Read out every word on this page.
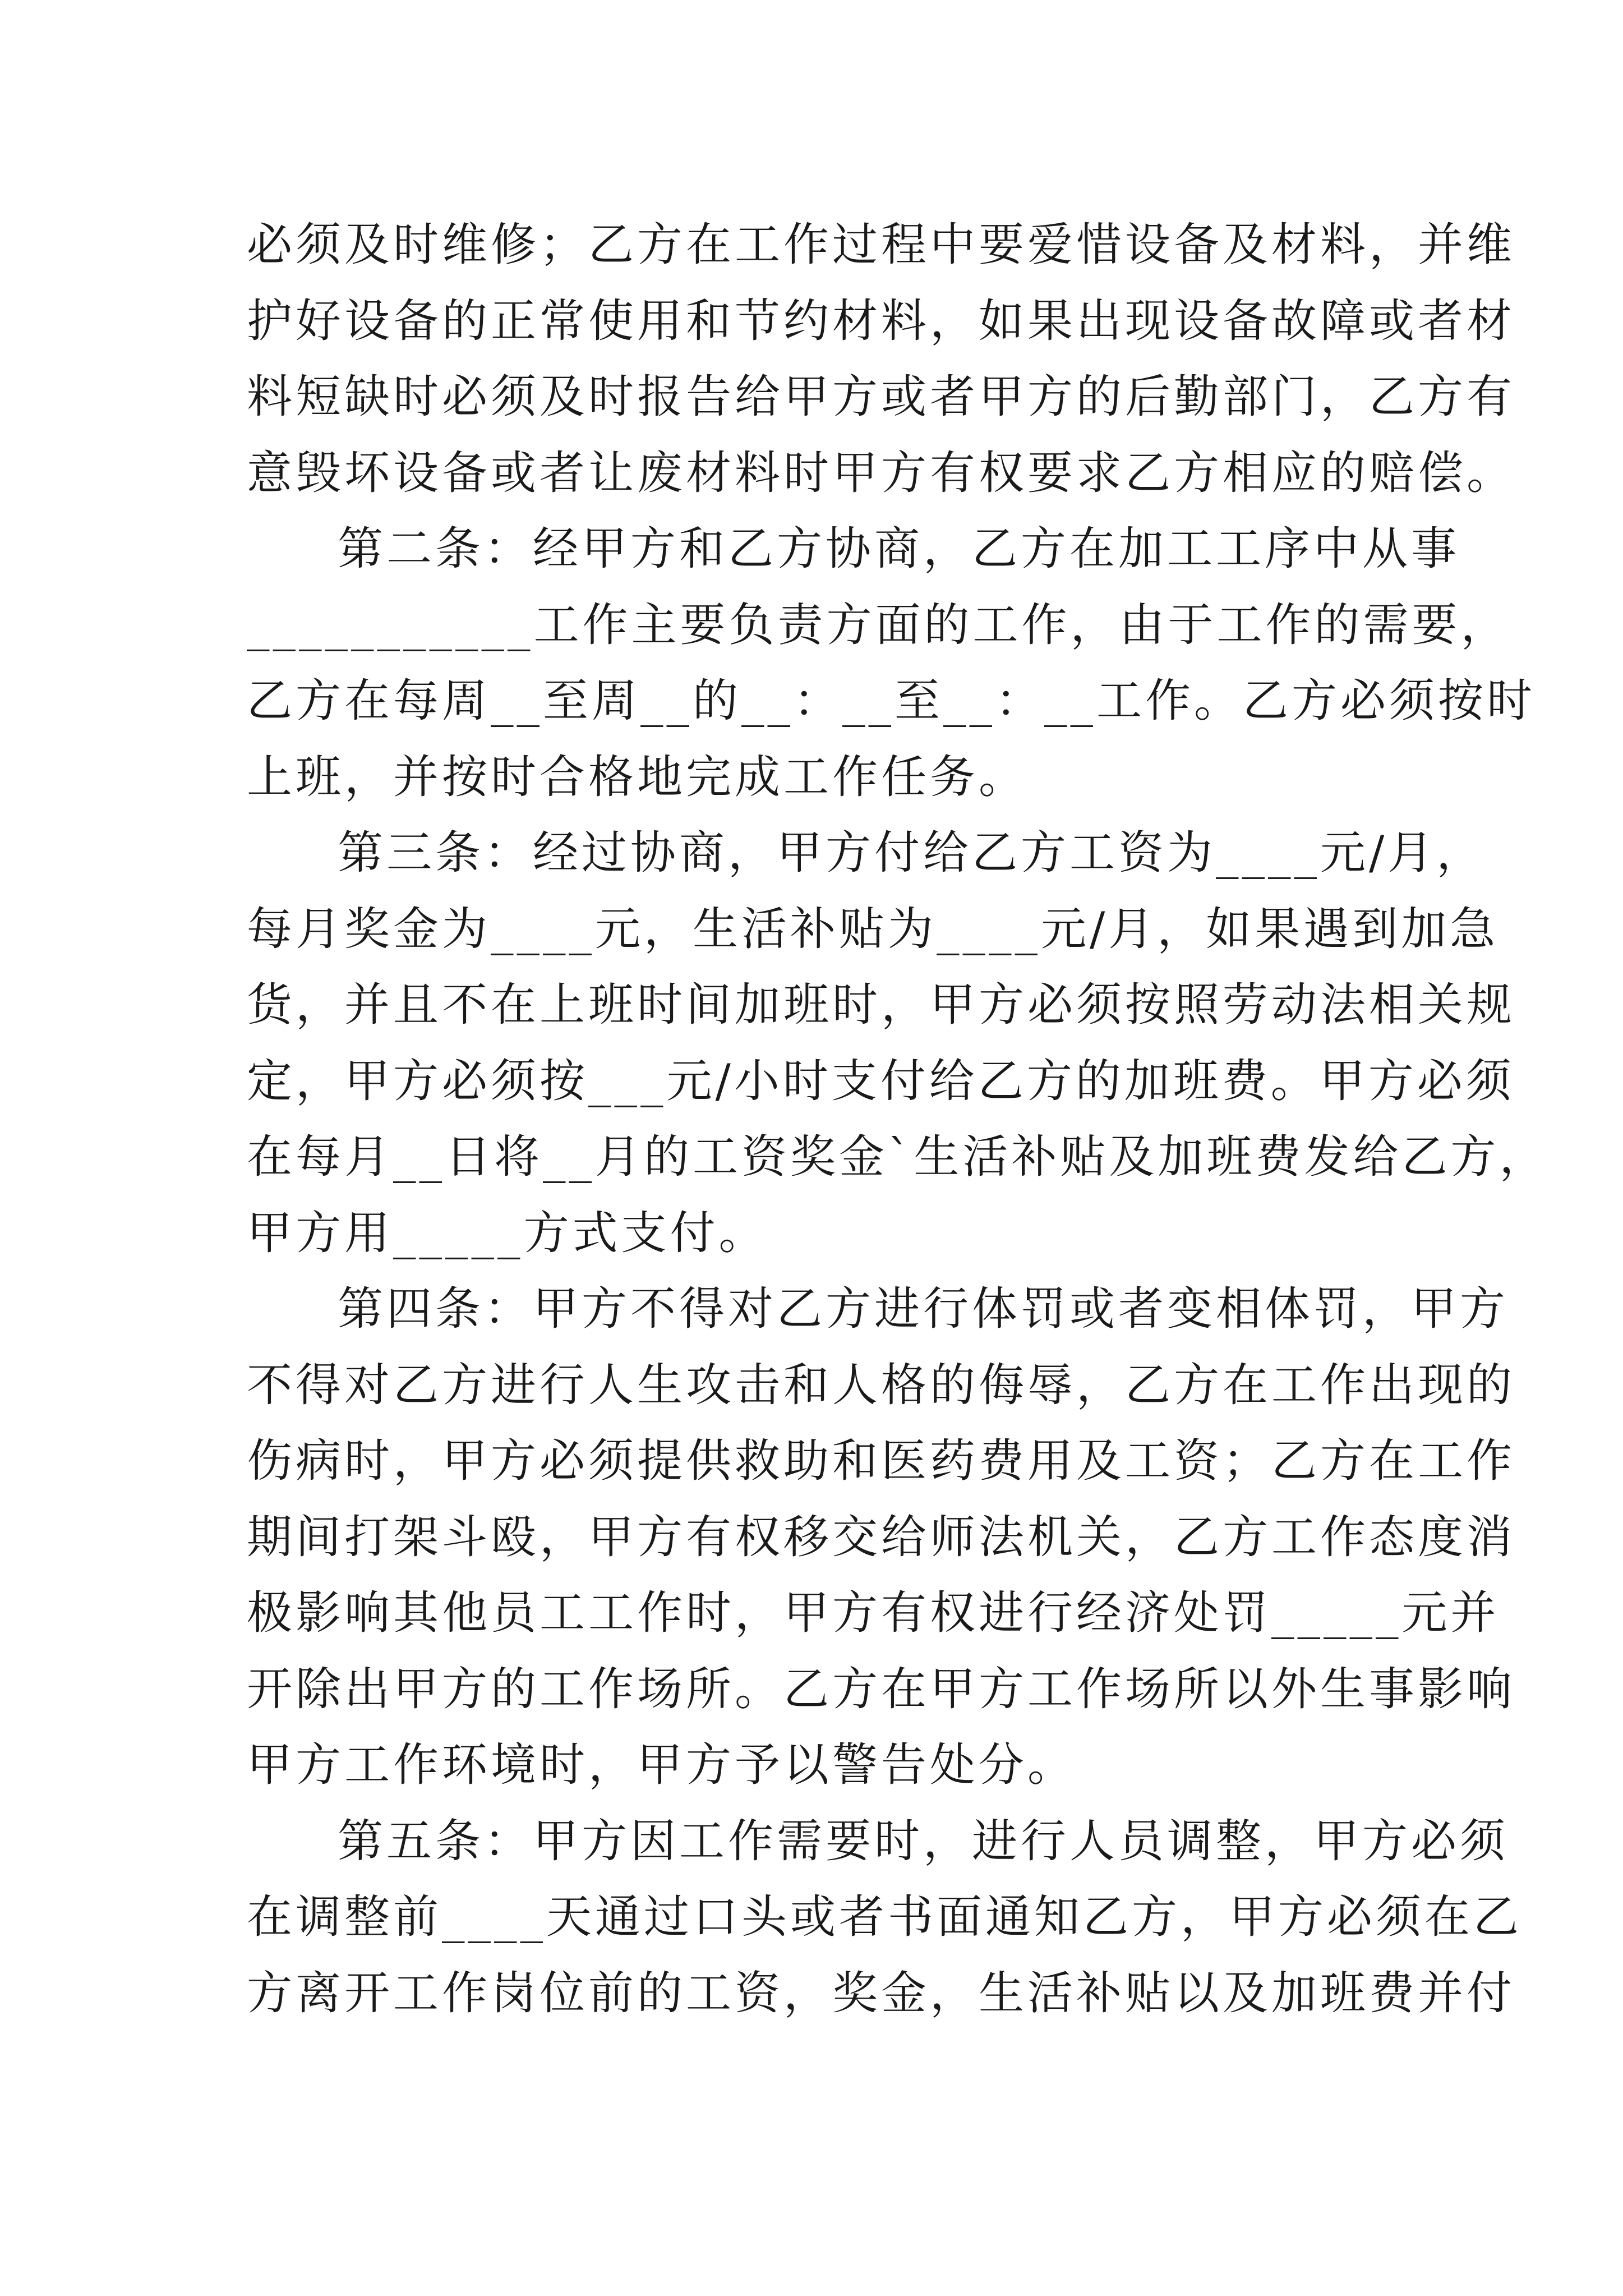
必须及时维修；乙方在工作过程中要爱惜设备及材料，并维
护好设备的正常使用和节约材料，如果出现设备故障或者材
料短缺时必须及时报告给甲方或者甲方的后勤部门，乙方有
意毁坏设备或者让废材料时甲方有权要求乙方相应的赔偿。
第二条：经甲方和乙方协商，乙方在加工工序中从事
___________工作主要负责方面的工作，由于工作的需要，
乙方在每周__至周__的__：__至__：__工作。乙方必须按时
上班，并按时合格地完成工作任务。
第三条：经过协商，甲方付给乙方工资为____元/月，
每月奖金为____元，生活补贴为____元/月，如果遇到加急
货，并且不在上班时间加班时，甲方必须按照劳动法相关规
定，甲方必须按___元/小时支付给乙方的加班费。甲方必须
在每月__日将__月的工资奖金`生活补贴及加班费发给乙方，
甲方用_____方式支付。
第四条：甲方不得对乙方进行体罚或者变相体罚，甲方
不得对乙方进行人生攻击和人格的侮辱，乙方在工作出现的
伤病时，甲方必须提供救助和医药费用及工资；乙方在工作
期间打架斗殴，甲方有权移交给师法机关，乙方工作态度消
极影响其他员工工作时，甲方有权进行经济处罚_____元并
开除出甲方的工作场所。乙方在甲方工作场所以外生事影响
甲方工作环境时，甲方予以警告处分。
第五条：甲方因工作需要时，进行人员调整，甲方必须
在调整前____天通过口头或者书面通知乙方，甲方必须在乙
方离开工作岗位前的工资，奖金，生活补贴以及加班费并付
